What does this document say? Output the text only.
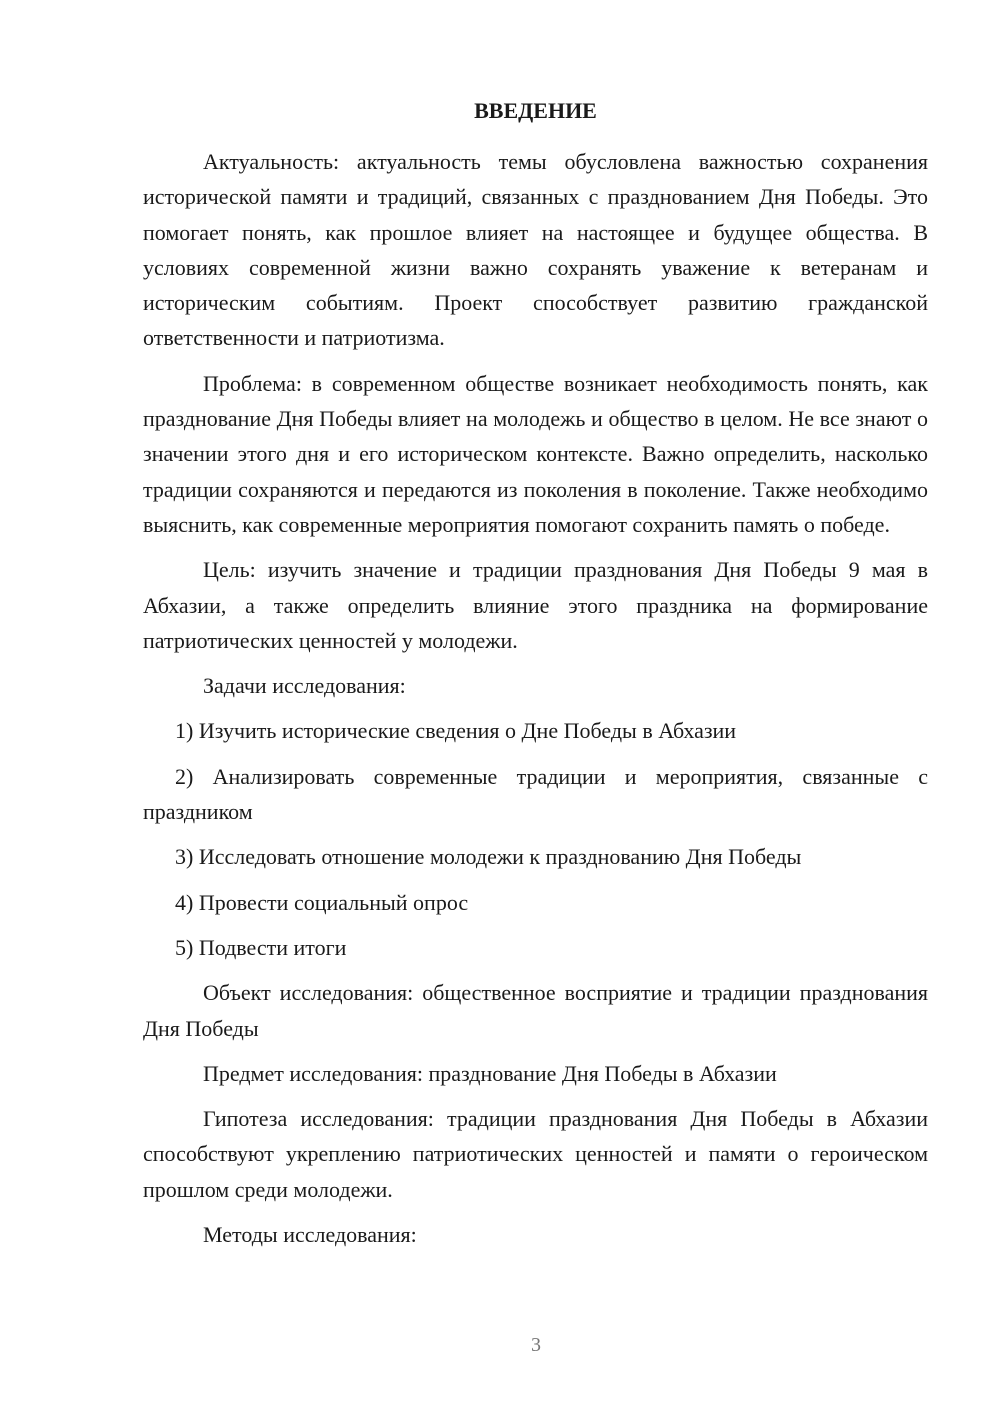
ВВЕДЕНИЕ

Актуальность: актуальность темы обусловлена важностью сохранения исторической памяти и традиций, связанных с празднованием Дня Победы. Это помогает понять, как прошлое влияет на настоящее и будущее общества. В условиях современной жизни важно сохранять уважение к ветеранам и историческим событиям. Проект способствует развитию гражданской ответственности и патриотизма.

Проблема: в современном обществе возникает необходимость понять, как празднование Дня Победы влияет на молодежь и общество в целом. Не все знают о значении этого дня и его историческом контексте. Важно определить, насколько традиции сохраняются и передаются из поколения в поколение. Также необходимо выяснить, как современные мероприятия помогают сохранить память о победе.

Цель: изучить значение и традиции празднования Дня Победы 9 мая в Абхазии, а также определить влияние этого праздника на формирование патриотических ценностей у молодежи.

Задачи исследования:

1) Изучить исторические сведения о Дне Победы в Абхазии

2) Анализировать современные традиции и мероприятия, связанные с праздником

3) Исследовать отношение молодежи к празднованию Дня Победы

4) Провести социальный опрос

5) Подвести итоги

Объект исследования: общественное восприятие и традиции празднования Дня Победы

Предмет исследования: празднование Дня Победы в Абхазии

Гипотеза исследования: традиции празднования Дня Победы в Абхазии способствуют укреплению патриотических ценностей и памяти о героическом прошлом среди молодежи.

Методы исследования:

3
